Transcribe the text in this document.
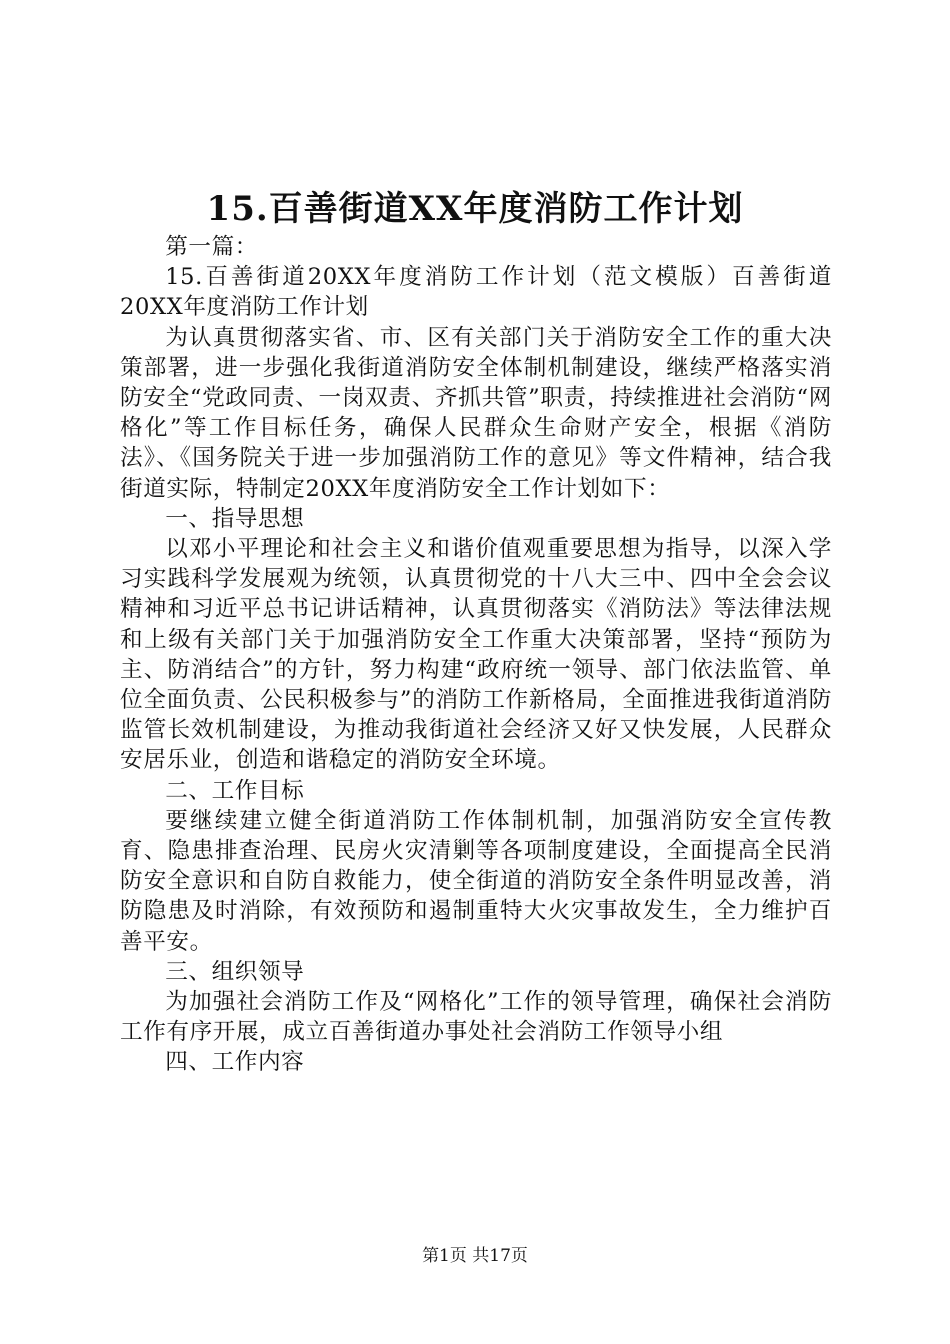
15.百善街道XX年度消防工作计划

第一篇：

15.百善街道20XX年度消防工作计划（范文模版）百善街道20XX年度消防工作计划

为认真贯彻落实省、市、区有关部门关于消防安全工作的重大决策部署，进一步强化我街道消防安全体制机制建设，继续严格落实消防安全“党政同责、一岗双责、齐抓共管”职责，持续推进社会消防“网格化”等工作目标任务，确保人民群众生命财产安全，根据《消防法》、《国务院关于进一步加强消防工作的意见》等文件精神，结合我街道实际，特制定20XX年度消防安全工作计划如下：

一、指导思想

以邓小平理论和社会主义和谐价值观重要思想为指导，以深入学习实践科学发展观为统领，认真贯彻党的十八大三中、四中全会会议精神和习近平总书记讲话精神，认真贯彻落实《消防法》等法律法规和上级有关部门关于加强消防安全工作重大决策部署，坚持“预防为主、防消结合”的方针，努力构建“政府统一领导、部门依法监管、单位全面负责、公民积极参与”的消防工作新格局，全面推进我街道消防监管长效机制建设，为推动我街道社会经济又好又快发展，人民群众安居乐业，创造和谐稳定的消防安全环境。

二、工作目标

要继续建立健全街道消防工作体制机制，加强消防安全宣传教育、隐患排查治理、民房火灾清剿等各项制度建设，全面提高全民消防安全意识和自防自救能力，使全街道的消防安全条件明显改善，消防隐患及时消除，有效预防和遏制重特大火灾事故发生，全力维护百善平安。

三、组织领导

为加强社会消防工作及“网格化”工作的领导管理，确保社会消防工作有序开展，成立百善街道办事处社会消防工作领导小组

四、工作内容

第1页 共17页
